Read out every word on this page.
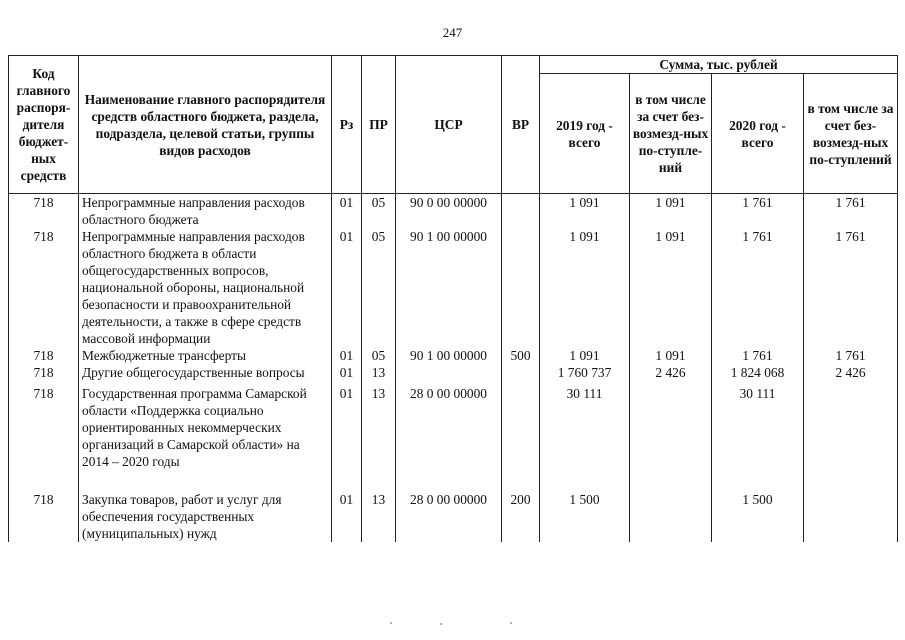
247
Код главного распоря-дителя бюджет-ных средств	Наименование главного распорядителя средств областного бюджета, раздела, подраздела, целевой статьи, группы видов расходов	Рз	ПР	ЦСР	ВР	Сумма, тыс. рублей			
						2019 год - всего	в том числе за счет без-возмезд-ных по-ступле-ний	2020 год - всего	в том числе за счет без-возмезд-ных по-ступлений
718	Непрограммные направления расходов областного бюджета	01	05	90 0 00 00000		1 091	1 091	1 761	1 761
718	Непрограммные направления расходов областного бюджета в области общегосударственных вопросов, национальной обороны, национальной безопасности и правоохранительной деятельности, а также в сфере средств массовой информации	01	05	90 1 00 00000		1 091	1 091	1 761	1 761
718	Межбюджетные трансферты	01	05	90 1 00 00000	500	1 091	1 091	1 761	1 761
718	Другие общегосударственные вопросы	01	13			1 760 737	2 426	1 824 068	2 426
718	Государственная программа Самарской области «Поддержка социально ориентированных некоммерческих организаций в Самарской области» на 2014 – 2020 годы	01	13	28 0 00 00000		30 111		30 111	
718	Закупка товаров, работ и услуг для обеспечения государственных (муниципальных) нужд	01	13	28 0 00 00000	200	1 500		1 500	
